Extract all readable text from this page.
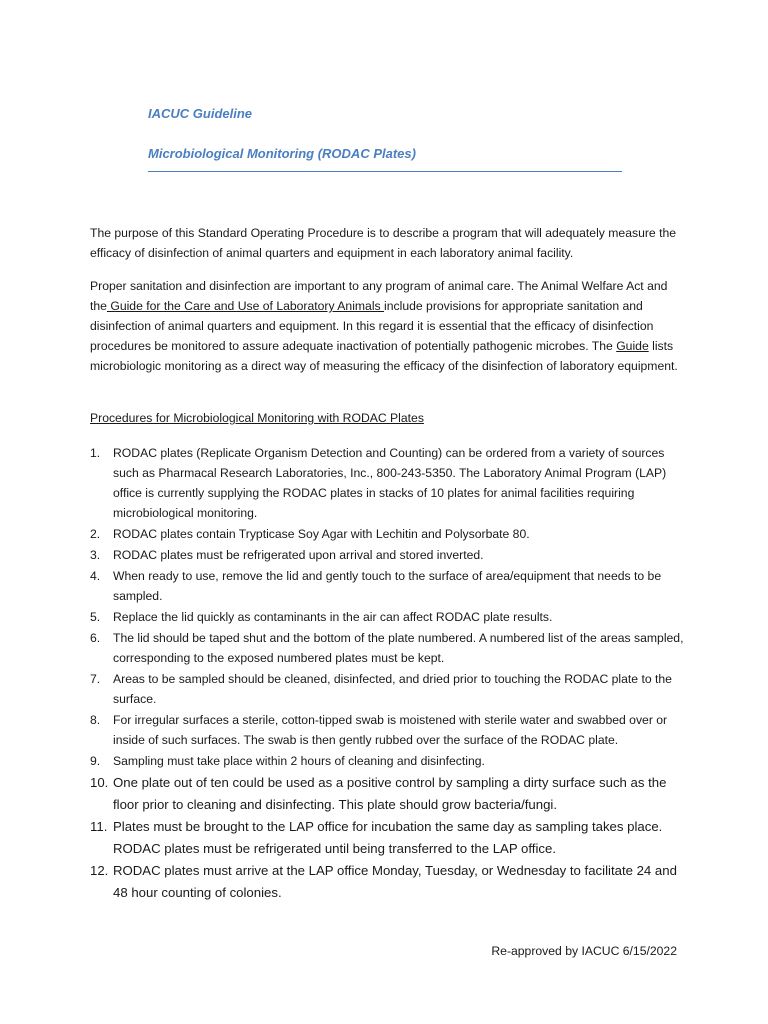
IACUC Guideline
Microbiological Monitoring (RODAC Plates)
The purpose of this Standard Operating Procedure is to describe a program that will adequately measure the efficacy of disinfection of animal quarters and equipment in each laboratory animal facility.
Proper sanitation and disinfection are important to any program of animal care. The Animal Welfare Act and the Guide for the Care and Use of Laboratory Animals include provisions for appropriate sanitation and disinfection of animal quarters and equipment. In this regard it is essential that the efficacy of disinfection procedures be monitored to assure adequate inactivation of potentially pathogenic microbes. The Guide lists microbiologic monitoring as a direct way of measuring the efficacy of the disinfection of laboratory equipment.
Procedures for Microbiological Monitoring with RODAC Plates
1. RODAC plates (Replicate Organism Detection and Counting) can be ordered from a variety of sources such as Pharmacal Research Laboratories, Inc., 800-243-5350. The Laboratory Animal Program (LAP) office is currently supplying the RODAC plates in stacks of 10 plates for animal facilities requiring microbiological monitoring.
2. RODAC plates contain Trypticase Soy Agar with Lechitin and Polysorbate 80.
3. RODAC plates must be refrigerated upon arrival and stored inverted.
4. When ready to use, remove the lid and gently touch to the surface of area/equipment that needs to be sampled.
5. Replace the lid quickly as contaminants in the air can affect RODAC plate results.
6. The lid should be taped shut and the bottom of the plate numbered. A numbered list of the areas sampled, corresponding to the exposed numbered plates must be kept.
7. Areas to be sampled should be cleaned, disinfected, and dried prior to touching the RODAC plate to the surface.
8. For irregular surfaces a sterile, cotton-tipped swab is moistened with sterile water and swabbed over or inside of such surfaces. The swab is then gently rubbed over the surface of the RODAC plate.
9. Sampling must take place within 2 hours of cleaning and disinfecting.
10. One plate out of ten could be used as a positive control by sampling a dirty surface such as the floor prior to cleaning and disinfecting. This plate should grow bacteria/fungi.
11. Plates must be brought to the LAP office for incubation the same day as sampling takes place. RODAC plates must be refrigerated until being transferred to the LAP office.
12. RODAC plates must arrive at the LAP office Monday, Tuesday, or Wednesday to facilitate 24 and 48 hour counting of colonies.
Re-approved by IACUC 6/15/2022
